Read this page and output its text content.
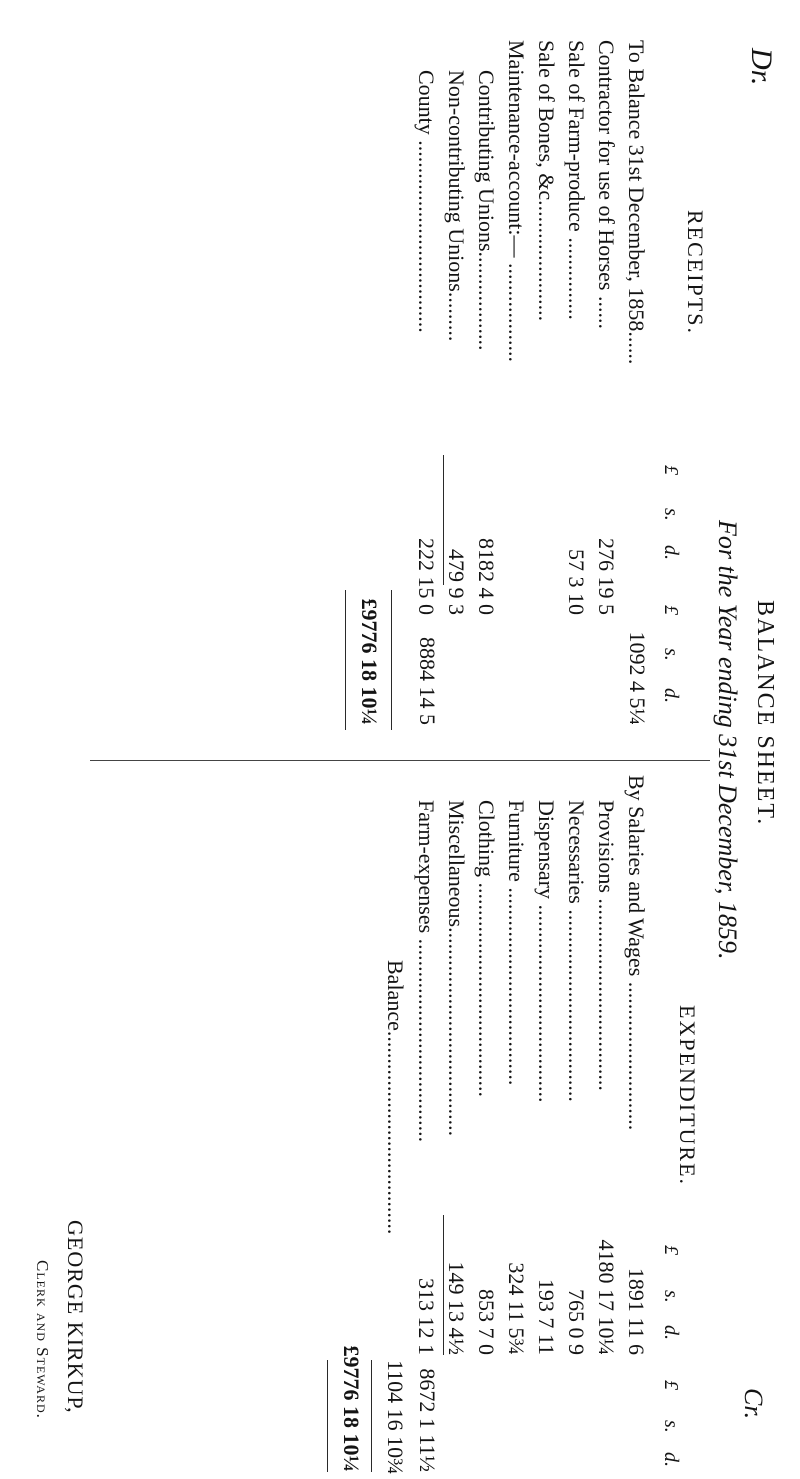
BALANCE SHEET.
For the Year ending 31st December, 1859.
Dr.
Cr.
RECEIPTS.
EXPENDITURE.
£
s.
d.
£
s.
d.
To Balance 31st December, 1858......
Contractor for use of Horses ......
276 19 5
Sale of Farm-produce ...............
57 3 10
Sale of Bones, &c......................
Maintenance-account:— ..................
Contributing Unions..................
8182 4 0
Non-contributing Unions.........
479 9 3
County ...................................
222 15 0
1092 4 5¼
8884 14 5
£9776 18 10¼
£
s.
d.
£
s.
d.
By Salaries and Wages ...........................
1891 11 6
Provisions ...................................
4180 17 10¼
Necessaries ...................................
765 0 9
Dispensary ....................................
193 7 11
Furniture ....................................
324 11 5¾
Clothing .......................................
853 7 0
Miscellaneous......................................
149 13 4½
Farm-expenses .....................................
313 12 1
8672 1 11½
Balance.....................................
1104 16 10¾
£9776 18 10¼
GEORGE KIRKUP,
Clerk and Steward.
